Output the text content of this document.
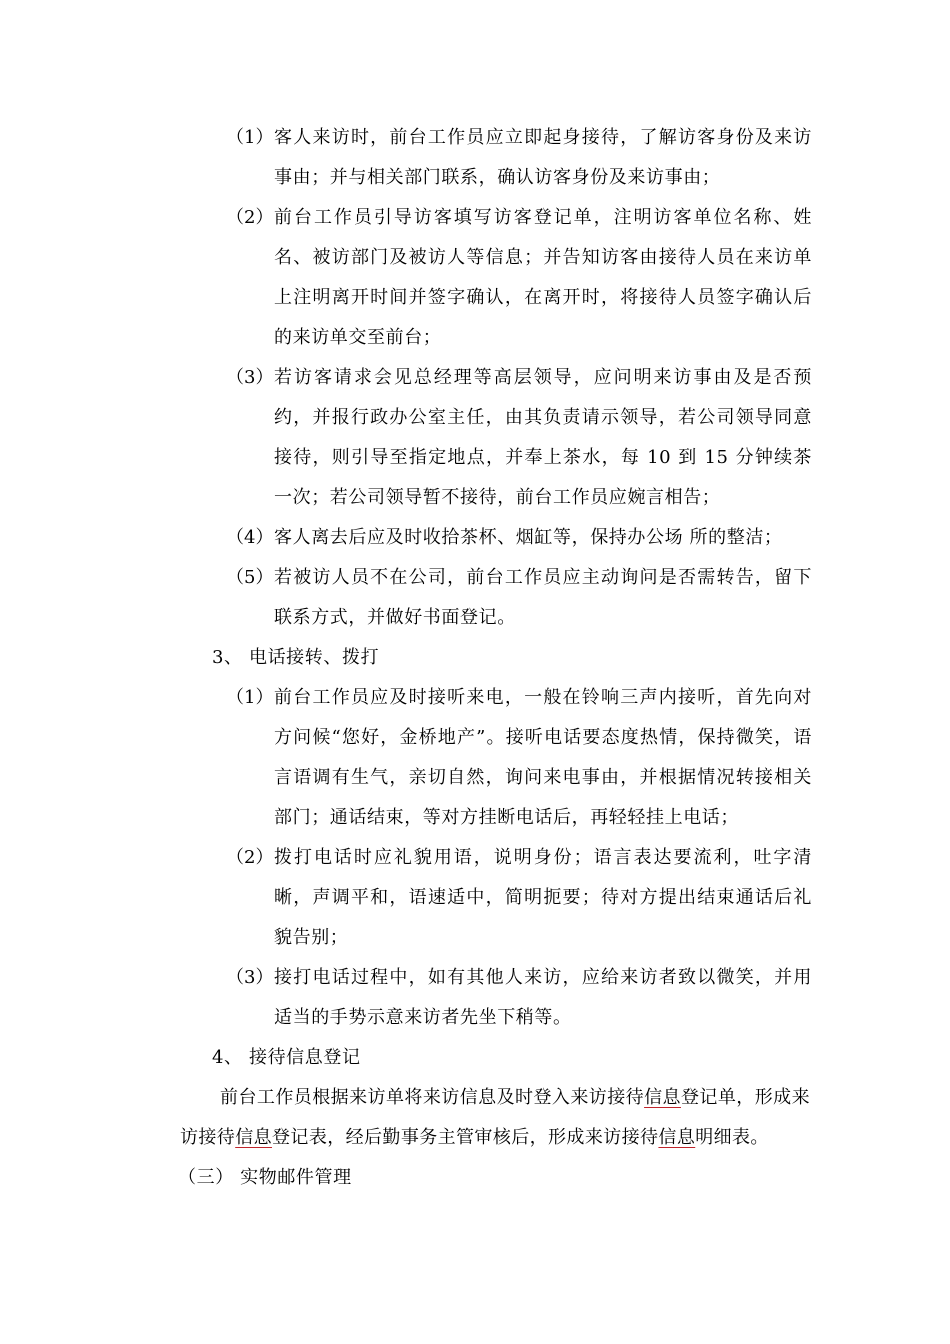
（1） 客人来访时，前台工作员应立即起身接待，了解访客身份及来访事由；并与相关部门联系，确认访客身份及来访事由；
（2） 前台工作员引导访客填写访客登记单，注明访客单位名称、姓名、被访部门及被访人等信息；并告知访客由接待人员在来访单上注明离开时间并签字确认，在离开时，将接待人员签字确认后的来访单交至前台；
（3） 若访客请求会见总经理等高层领导，应问明来访事由及是否预约，并报行政办公室主任，由其负责请示领导，若公司领导同意接待，则引导至指定地点，并奉上茶水，每 10 到 15 分钟续茶一次；若公司领导暂不接待，前台工作员应婉言相告；
（4） 客人离去后应及时收拾茶杯、烟缸等，保持办公场 所的整洁；
（5） 若被访人员不在公司，前台工作员应主动询问是否需转告，留下联系方式，并做好书面登记。
3、 电话接转、拨打
（1） 前台工作员应及时接听来电，一般在铃响三声内接听，首先向对方问候“您好，金桥地产”。接听电话要态度热情，保持微笑，语言语调有生气，亲切自然，询问来电事由，并根据情况转接相关部门；通话结束，等对方挂断电话后，再轻轻挂上电话；
（2） 拨打电话时应礼貌用语，说明身份；语言表达要流利，吐字清晰，声调平和，语速适中，简明扼要；待对方提出结束通话后礼貌告别；
（3） 接打电话过程中，如有其他人来访，应给来访者致以微笑，并用适当的手势示意来访者先坐下稍等。
4、 接待信息登记
前台工作员根据来访单将来访信息及时登入来访接待信息登记单，形成来访接待信息登记表，经后勤事务主管审核后，形成来访接待信息明细表。
（三） 实物邮件管理
